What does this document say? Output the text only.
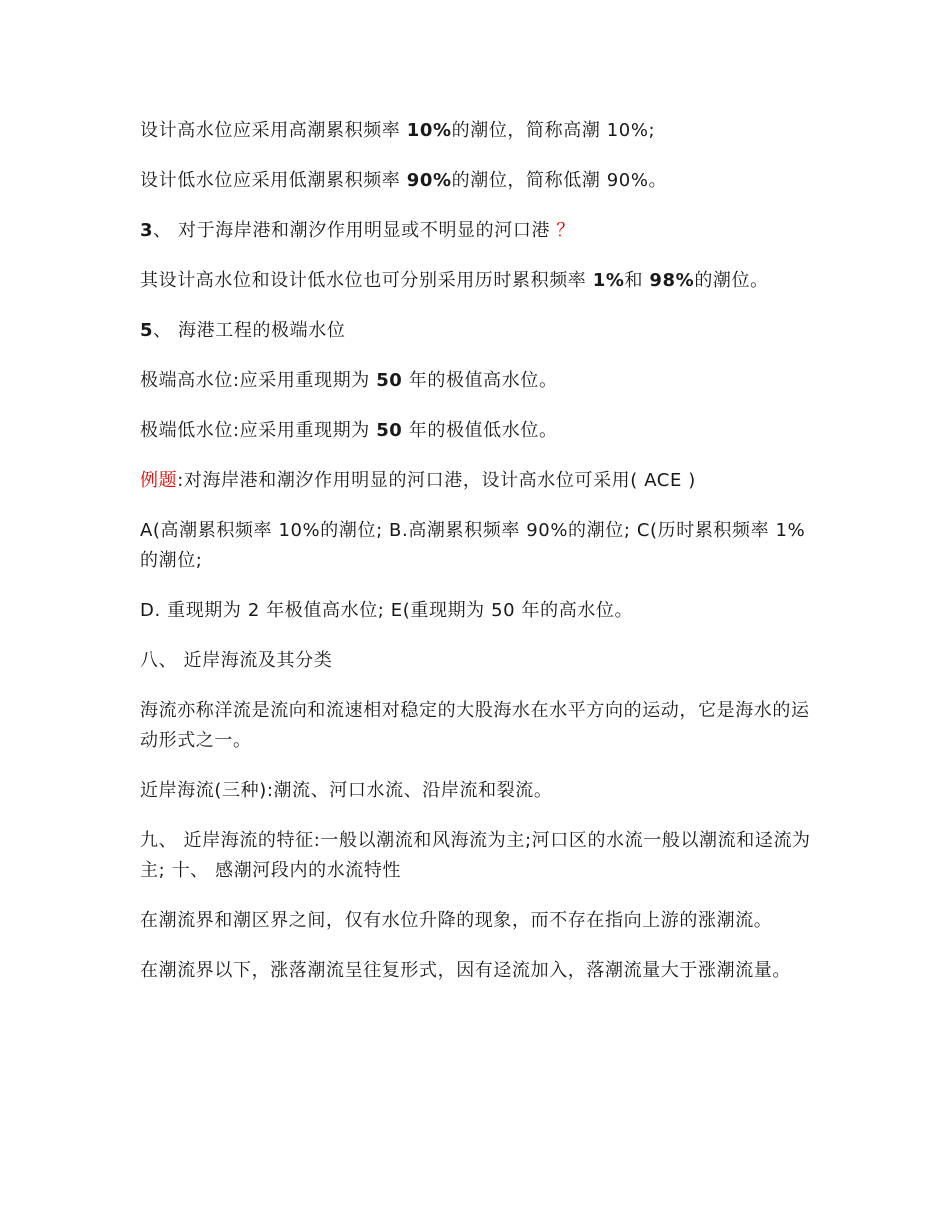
设计高水位应采用高潮累积频率 10%的潮位，简称高潮 10%;

设计低水位应采用低潮累积频率 90%的潮位，简称低潮 90%。

3、 对于海岸港和潮汐作用明显或不明显的河口港 ？

其设计高水位和设计低水位也可分别采用历时累积频率 1%和 98%的潮位。

5、 海港工程的极端水位

极端高水位:应采用重现期为 50 年的极值高水位。

极端低水位:应采用重现期为 50 年的极值低水位。

例题:对海岸港和潮汐作用明显的河口港，设计高水位可采用( ACE )

A(高潮累积频率 10%的潮位; B.高潮累积频率 90%的潮位; C(历时累积频率 1%的潮位;

D. 重现期为 2 年极值高水位; E(重现期为 50 年的高水位。

八、 近岸海流及其分类

海流亦称洋流是流向和流速相对稳定的大股海水在水平方向的运动，它是海水的运动形式之一。

近岸海流(三种):潮流、河口水流、沿岸流和裂流。

九、 近岸海流的特征:一般以潮流和风海流为主;河口区的水流一般以潮流和迳流为主; 十、 感潮河段内的水流特性

在潮流界和潮区界之间，仅有水位升降的现象，而不存在指向上游的涨潮流。

在潮流界以下，涨落潮流呈往复形式，因有迳流加入，落潮流量大于涨潮流量。
